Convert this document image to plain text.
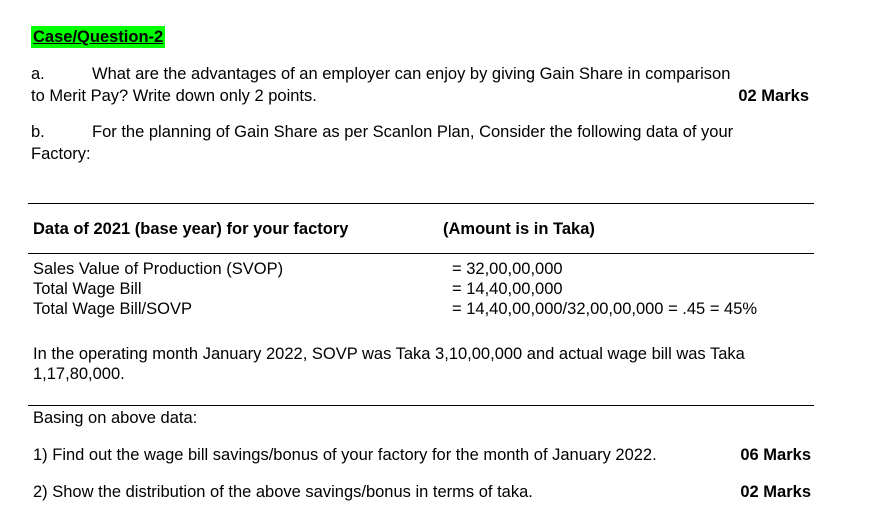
Case/Question-2
a.	What are the advantages of an employer can enjoy by giving Gain Share in comparison
to Merit Pay? Write down only 2 points.	02 Marks
b.	For the planning of Gain Share as per Scanlon Plan, Consider the following data of your
Factory:
Data of 2021 (base year) for your factory	(Amount is in Taka)
Sales Value of Production (SVOP)	= 32,00,00,000
Total Wage Bill	= 14,40,00,000
Total Wage Bill/SOVP	= 14,40,00,000/32,00,00,000 = .45 = 45%
In the operating month January 2022, SOVP was Taka 3,10,00,000 and actual wage bill was Taka
1,17,80,000.
Basing on above data:
1) Find out the wage bill savings/bonus of your factory for the month of January 2022.	06 Marks
2) Show the distribution of the above savings/bonus in terms of taka.	02 Marks
